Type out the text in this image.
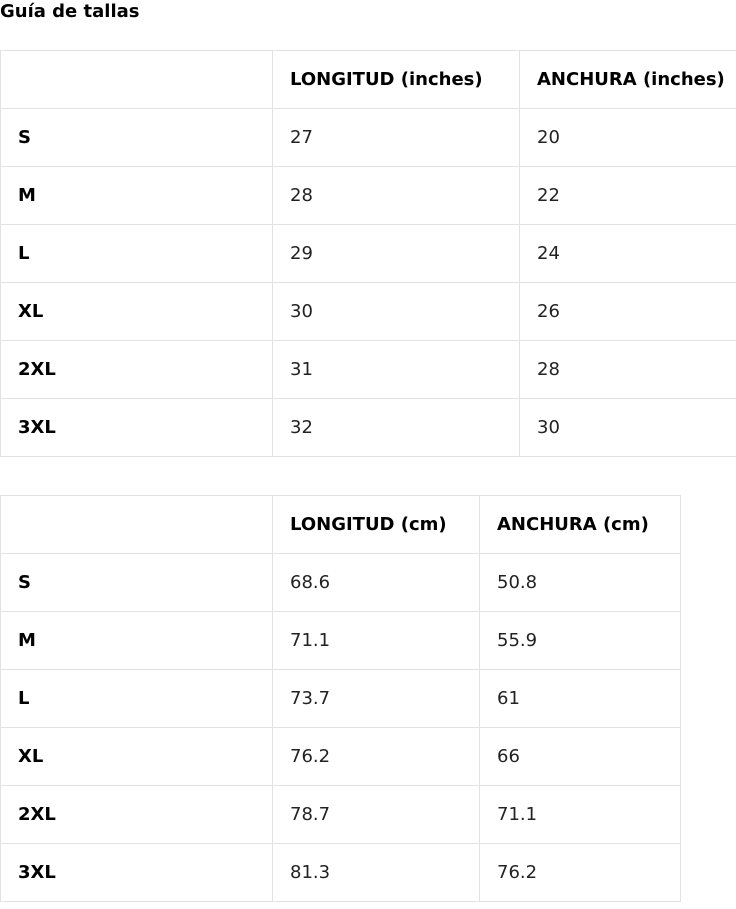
Guía de tallas
	LONGITUD (inches)	ANCHURA (inches)
S	27	20
M	28	22
L	29	24
XL	30	26
2XL	31	28
3XL	32	30
	LONGITUD (cm)	ANCHURA (cm)
S	68.6	50.8
M	71.1	55.9
L	73.7	61
XL	76.2	66
2XL	78.7	71.1
3XL	81.3	76.2
